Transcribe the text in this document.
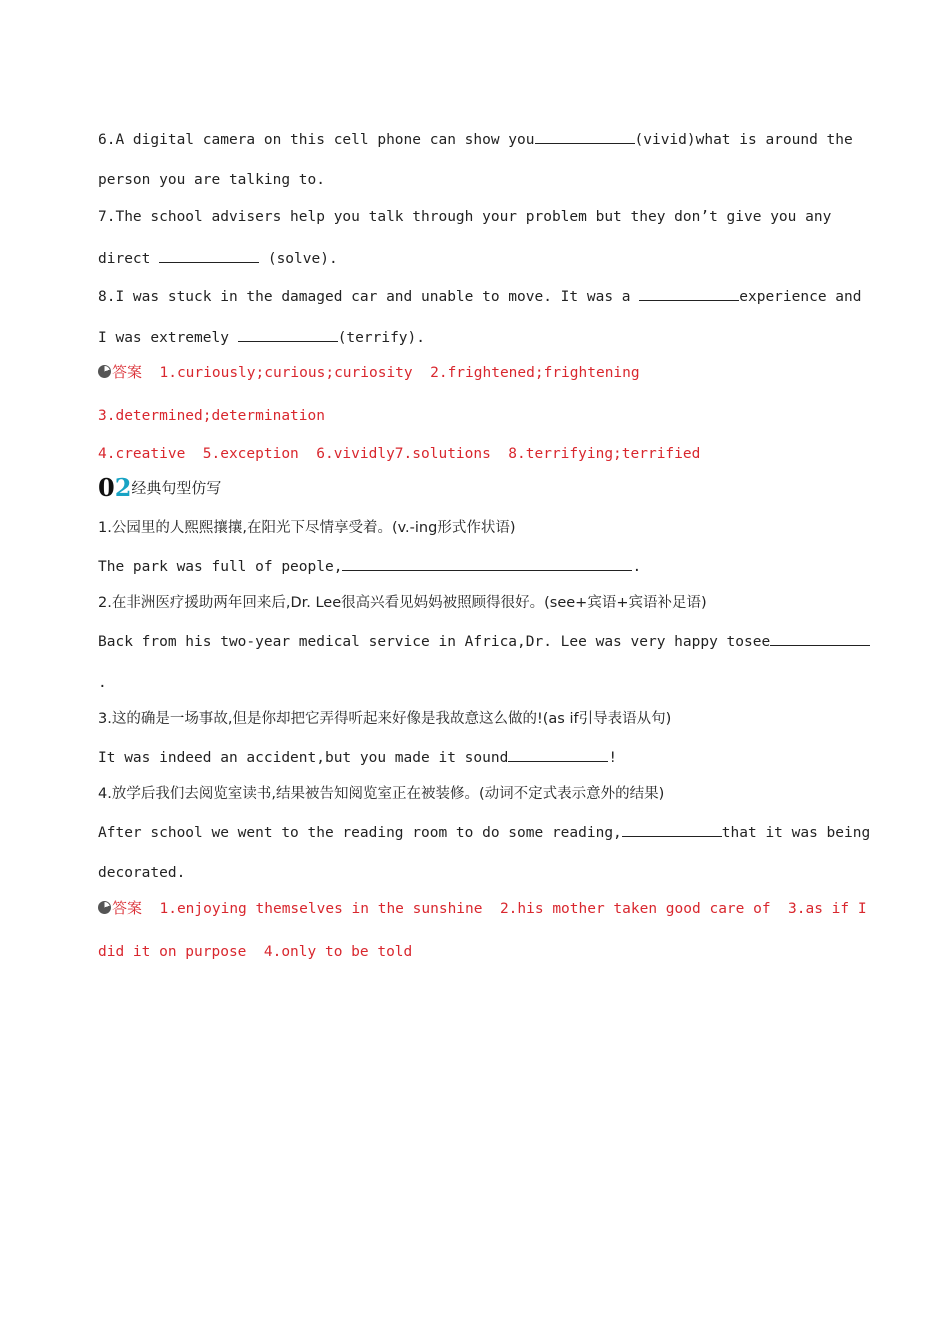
6.A digital camera on this cell phone can show you	(vivid)what is around the
person you are talking to.
7.The school advisers help you talk through your problem but they don’t give you any
direct	(solve).
8.I was stuck in the damaged car and unable to move. It was a	experience and
I was extremely	(terrify).
答案 1.curiously;curious;curiosity  2.frightened;frightening
3.determined;determination
4.creative  5.exception  6.vividly7.solutions  8.terrifying;terrified
02经典句型仿写
1.公园里的人熙熙攘攘,在阳光下尽情享受着。(v.-ing形式作状语)
The park was full of people,	.
2.在非洲医疗援助两年回来后,Dr. Lee很高兴看见妈妈被照顾得很好。(see+宾语+宾语补足语)
Back from his two-year medical service in Africa,Dr. Lee was very happy tosee
.
3.这的确是一场事故,但是你却把它弄得听起来好像是我故意这么做的!(as if引导表语从句)
It was indeed an accident,but you made it sound	!
4.放学后我们去阅览室读书,结果被告知阅览室正在被装修。(动词不定式表示意外的结果)
After school we went to the reading room to do some reading,	that it was being
decorated.
答案 1.enjoying themselves in the sunshine  2.his mother taken good care of  3.as if I
did it on purpose  4.only to be told
